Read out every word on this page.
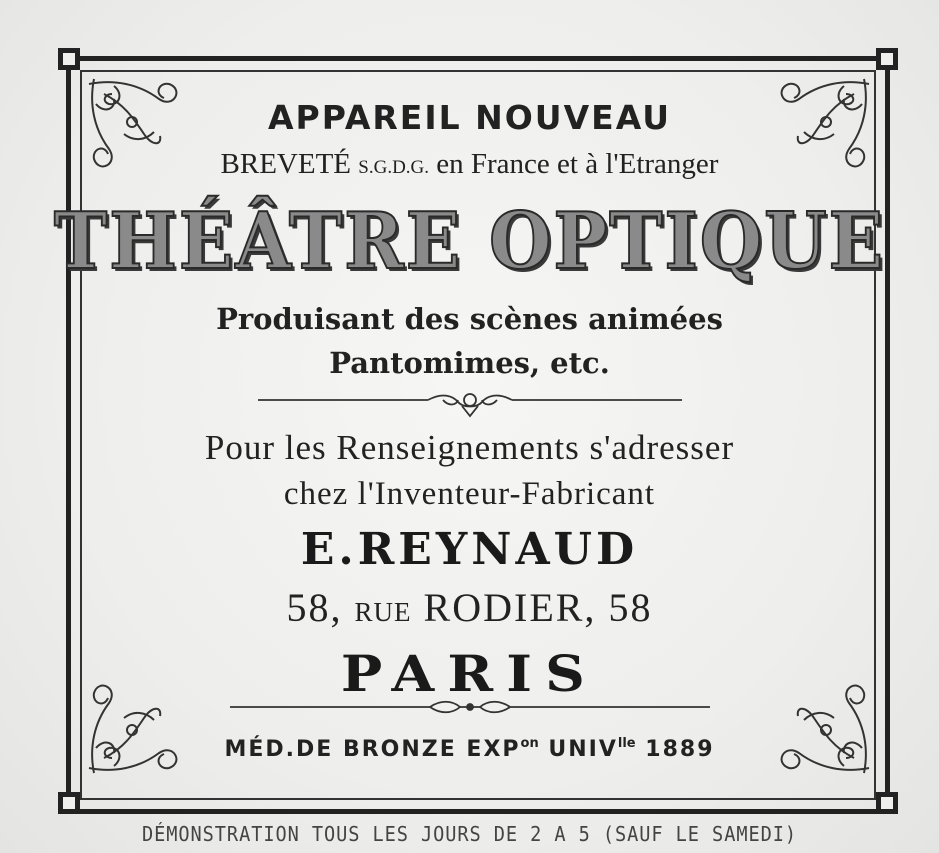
APPAREIL NOUVEAU
BREVETÉ S.G.D.G. en France et à l'Etranger
THÉÂTRE OPTIQUE
Produisant des scènes animées
Pantomimes, etc.
Pour les Renseignements s'adresser
chez l'Inventeur-Fabricant
E.REYNAUD
58, RUE RODIER, 58
PARIS
MÉD.DE BRONZE $EXP^{on}$ $UNIV^{lle}$ 1889
DÉMONSTRATION TOUS LES JOURS DE 2 A 5 (SAUF LE SAMEDI)
